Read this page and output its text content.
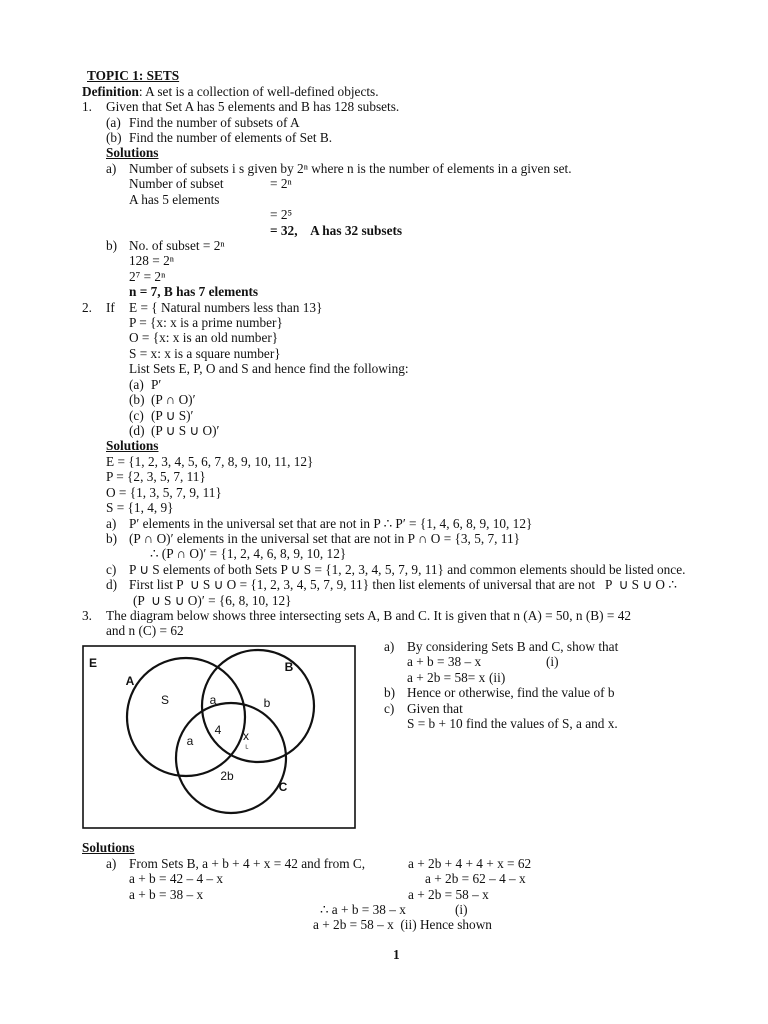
TOPIC 1: SETS
Definition: A set is a collection of well-defined objects.
1. Given that Set A has 5 elements and B has 128 subsets.
(a) Find the number of subsets of A
(b) Find the number of elements of Set B.
Solutions
a) Number of subsets i s given by 2ⁿ where n is the number of elements in a given set.
Number of subset	= 2ⁿ
A has 5 elements
= 2⁵
= 32,    A has 32 subsets
b) No. of subset = 2ⁿ
128 = 2ⁿ
2⁷ = 2ⁿ
n = 7, B has 7 elements
2. If E = { Natural numbers less than 13}
P = {x: x is a prime number}
O = {x: x is an old number}
S = x: x is a square number}
List Sets E, P, O and S and hence find the following:
(a) P′
(b) (P ∩ O)′
(c) (P ∪ S)′
(d) (P ∪ S ∪ O)′
Solutions
E = {1, 2, 3, 4, 5, 6, 7, 8, 9, 10, 11, 12}
P = {2, 3, 5, 7, 11}
O = {1, 3, 5, 7, 9, 11}
S = {1, 4, 9}
a) P′ elements in the universal set that are not in P ∴ P′ = {1, 4, 6, 8, 9, 10, 12}
b) (P ∩ O)′ elements in the universal set that are not in P ∩ O = {3, 5, 7, 11}
∴ (P ∩ O)′ = {1, 2, 4, 6, 8, 9, 10, 12}
c) P ∪ S elements of both Sets P ∪ S = {1, 2, 3, 4, 5, 7, 9, 11} and common elements should be listed once.
d) First list P  ∪ S ∪ O = {1, 2, 3, 4, 5, 7, 9, 11} then list elements of universal that are not   P  ∪ S ∪ O ∴
(P  ∪ S ∪ O)′ = {6, 8, 10, 12}
3. The diagram below shows three intersecting sets A, B and C. It is given that n (A) = 50, n (B) = 42
and n (C) = 62
a) By considering Sets B and C, show that
a + b = 38 – x	(i)
a + 2b = 58= x (ii)
b) Hence or otherwise, find the value of b
c) Given that
S = b + 10 find the values of S, a and x.
E
A
B
C
S	a	b
4 x
ᴸ
a
2b
Solutions
a) From Sets B, a + b + 4 + x = 42 and from C,	a + 2b + 4 + 4 + x = 62
a + b = 42 – 4 – x	a + 2b = 62 – 4 – x
a + b = 38 – x	a + 2b = 58 – x
∴ a + b = 38 – x	(i)
a + 2b = 58 – x  (ii) Hence shown
1
